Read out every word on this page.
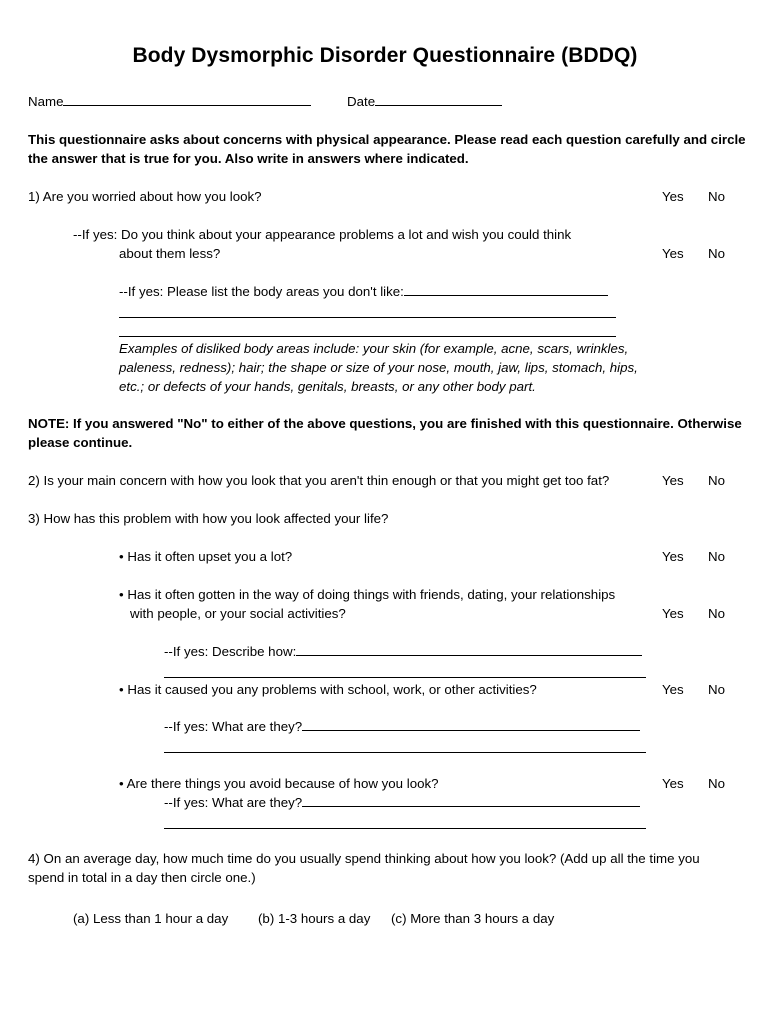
Body Dysmorphic Disorder Questionnaire (BDDQ)
Name	Date
This questionnaire asks about concerns with physical appearance. Please read each question carefully and circle
the answer that is true for you. Also write in answers where indicated.
1) Are you worried about how you look?	Yes No
--If yes: Do you think about your appearance problems a lot and wish you could think
about them less?	Yes No
--If yes: Please list the body areas you don't like:
Examples of disliked body areas include: your skin (for example, acne, scars, wrinkles,
paleness, redness); hair; the shape or size of your nose, mouth, jaw, lips, stomach, hips,
etc.; or defects of your hands, genitals, breasts, or any other body part.
NOTE: If you answered "No" to either of the above questions, you are finished with this questionnaire. Otherwise
please continue.
2) Is your main concern with how you look that you aren't thin enough or that you might get too fat?	Yes No
3) How has this problem with how you look affected your life?
• Has it often upset you a lot?	Yes No
• Has it often gotten in the way of doing things with friends, dating, your relationships
with people, or your social activities?	Yes No
--If yes: Describe how:
• Has it caused you any problems with school, work, or other activities?	Yes No
--If yes: What are they?
• Are there things you avoid because of how you look?	Yes No
--If yes: What are they?
4) On an average day, how much time do you usually spend thinking about how you look? (Add up all the time you
spend in total in a day then circle one.)
(a) Less than 1 hour a day (b) 1-3 hours a day (c) More than 3 hours a day
